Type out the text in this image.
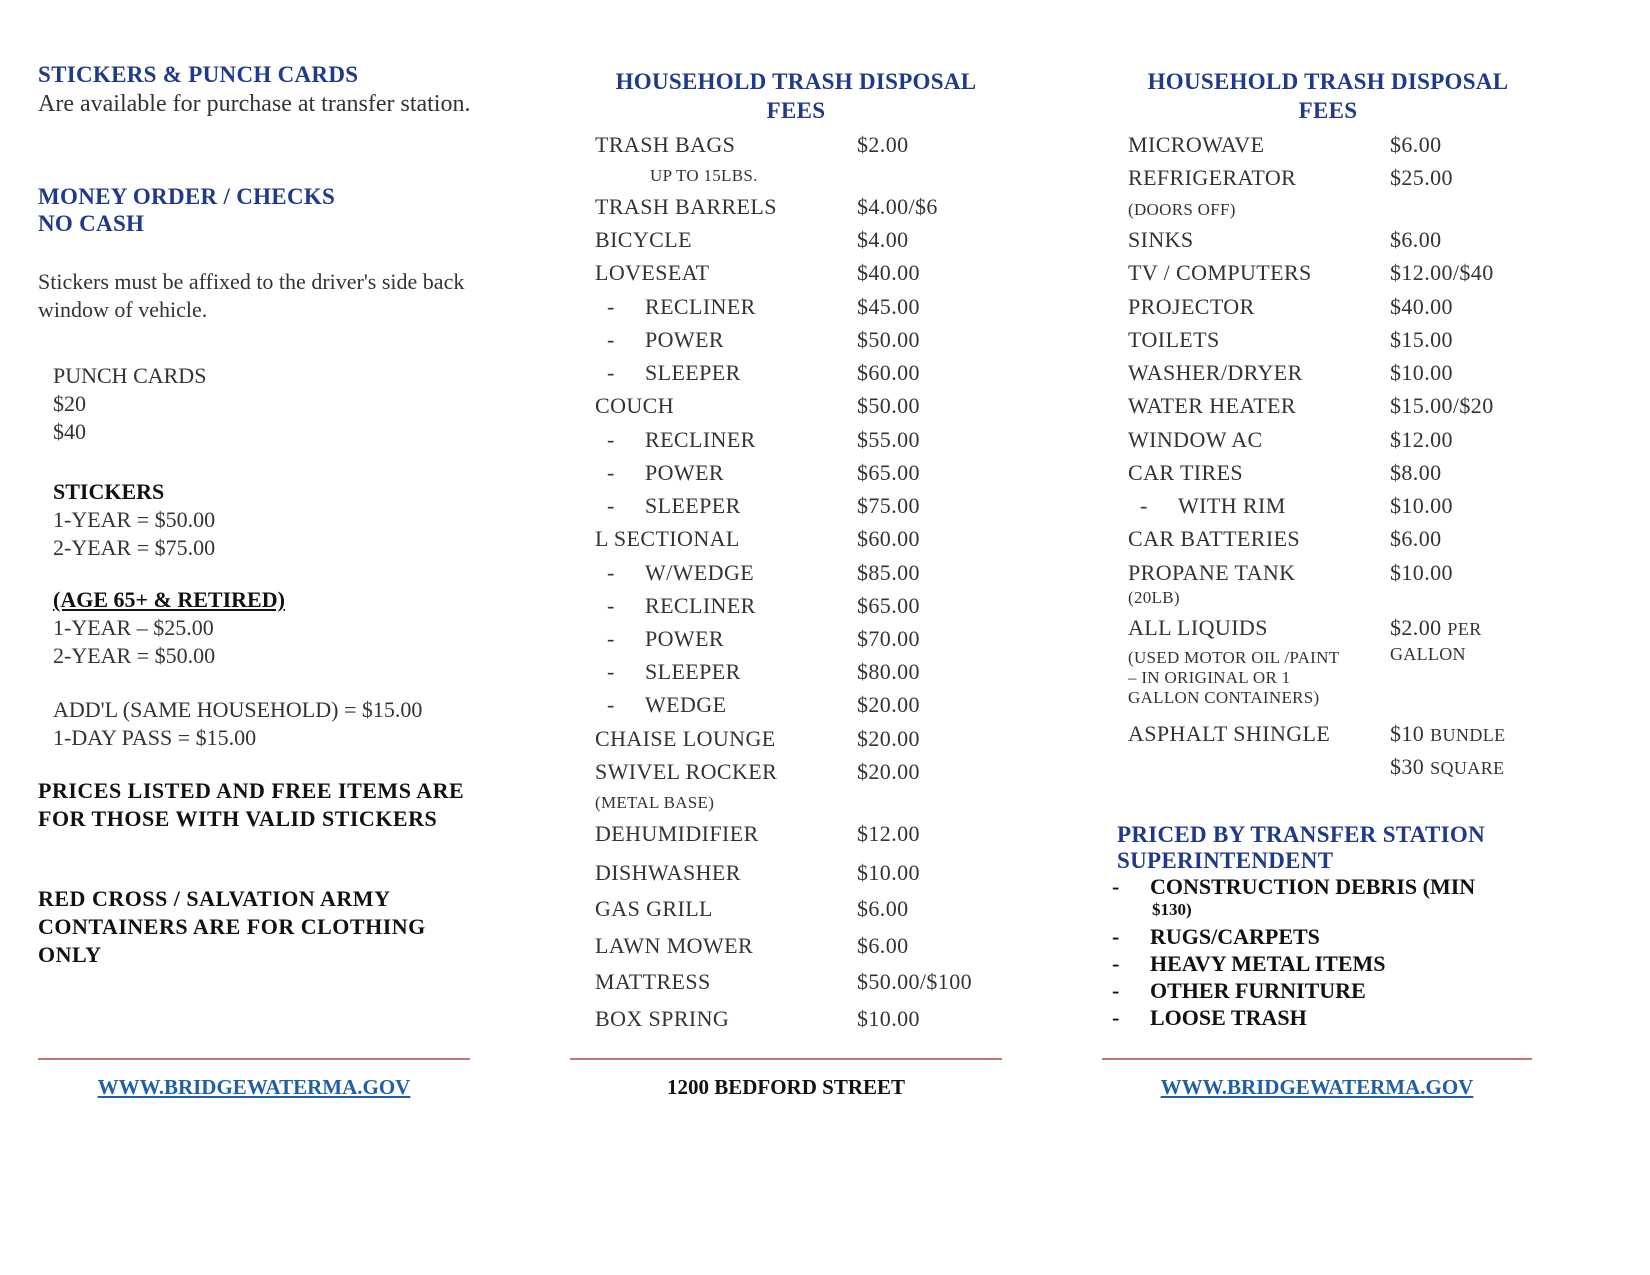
STICKERS & PUNCH CARDS
Are available for purchase at transfer station.
MONEY ORDER / CHECKS
NO CASH
Stickers must be affixed to the driver's side back window of vehicle.
PUNCH CARDS
$20
$40
STICKERS
1-YEAR = $50.00
2-YEAR = $75.00
(AGE 65+ & RETIRED)
1-YEAR – $25.00
2-YEAR = $50.00
ADD'L (SAME HOUSEHOLD) = $15.00
1-DAY PASS = $15.00
PRICES LISTED AND FREE ITEMS ARE FOR THOSE WITH VALID STICKERS
RED CROSS / SALVATION ARMY CONTAINERS ARE FOR CLOTHING ONLY
WWW.BRIDGEWATERMA.GOV
HOUSEHOLD TRASH DISPOSAL
FEES
TRASH BAGS	$2.00
UP TO 15LBS.
TRASH BARRELS	$4.00/$6
BICYCLE	$4.00
LOVESEAT	$40.00
- RECLINER	$45.00
- POWER	$50.00
- SLEEPER	$60.00
COUCH	$50.00
- RECLINER	$55.00
- POWER	$65.00
- SLEEPER	$75.00
L SECTIONAL	$60.00
- W/WEDGE	$85.00
- RECLINER	$65.00
- POWER	$70.00
- SLEEPER	$80.00
- WEDGE	$20.00
CHAISE LOUNGE	$20.00
SWIVEL ROCKER	$20.00
(METAL BASE)
DEHUMIDIFIER	$12.00
DISHWASHER	$10.00
GAS GRILL	$6.00
LAWN MOWER	$6.00
MATTRESS	$50.00/$100
BOX SPRING	$10.00
1200 BEDFORD STREET
HOUSEHOLD TRASH DISPOSAL
FEES
MICROWAVE	$6.00
REFRIGERATOR	$25.00
(DOORS OFF)
SINKS	$6.00
TV / COMPUTERS	$12.00/$40
PROJECTOR	$40.00
TOILETS	$15.00
WASHER/DRYER	$10.00
WATER HEATER	$15.00/$20
WINDOW AC	$12.00
CAR TIRES	$8.00
- WITH RIM	$10.00
CAR BATTERIES	$6.00
PROPANE TANK	$10.00
(20LB)
ALL LIQUIDS	$2.00 PER
GALLON
(USED MOTOR OIL /PAINT
– IN ORIGINAL OR 1
GALLON CONTAINERS)
ASPHALT SHINGLE	$10 BUNDLE
$30 SQUARE
PRICED BY TRANSFER STATION
SUPERINTENDENT
- CONSTRUCTION DEBRIS (MIN
- RUGS/CARPETS
- HEAVY METAL ITEMS
- OTHER FURNITURE
- LOOSE TRASH
$130)
WWW.BRIDGEWATERMA.GOV
